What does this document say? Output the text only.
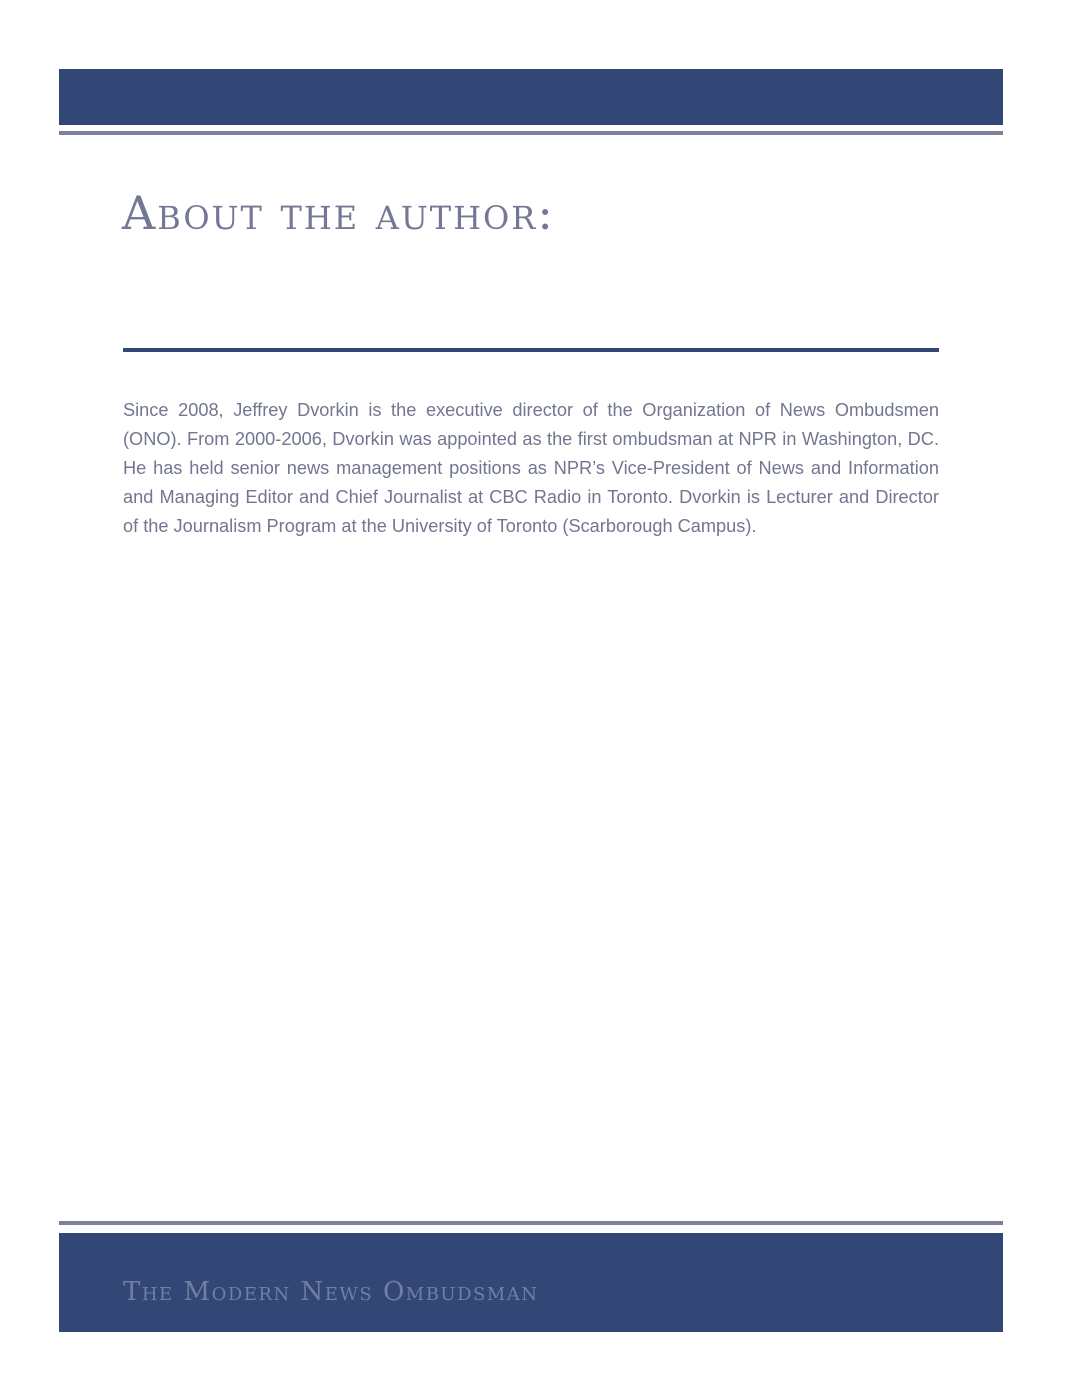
About the author:

Since 2008, Jeffrey Dvorkin is the executive director of the Organization of News Ombudsmen (ONO). From 2000-2006, Dvorkin was appointed as the first ombudsman at NPR in Washington, DC. He has held senior news management positions as NPR’s Vice-President of News and Information and Managing Editor and Chief Journalist at CBC Radio in Toronto. Dvorkin is Lecturer and Director of the Journalism Program at the University of Toronto (Scarborough Campus).

The Modern News Ombudsman
